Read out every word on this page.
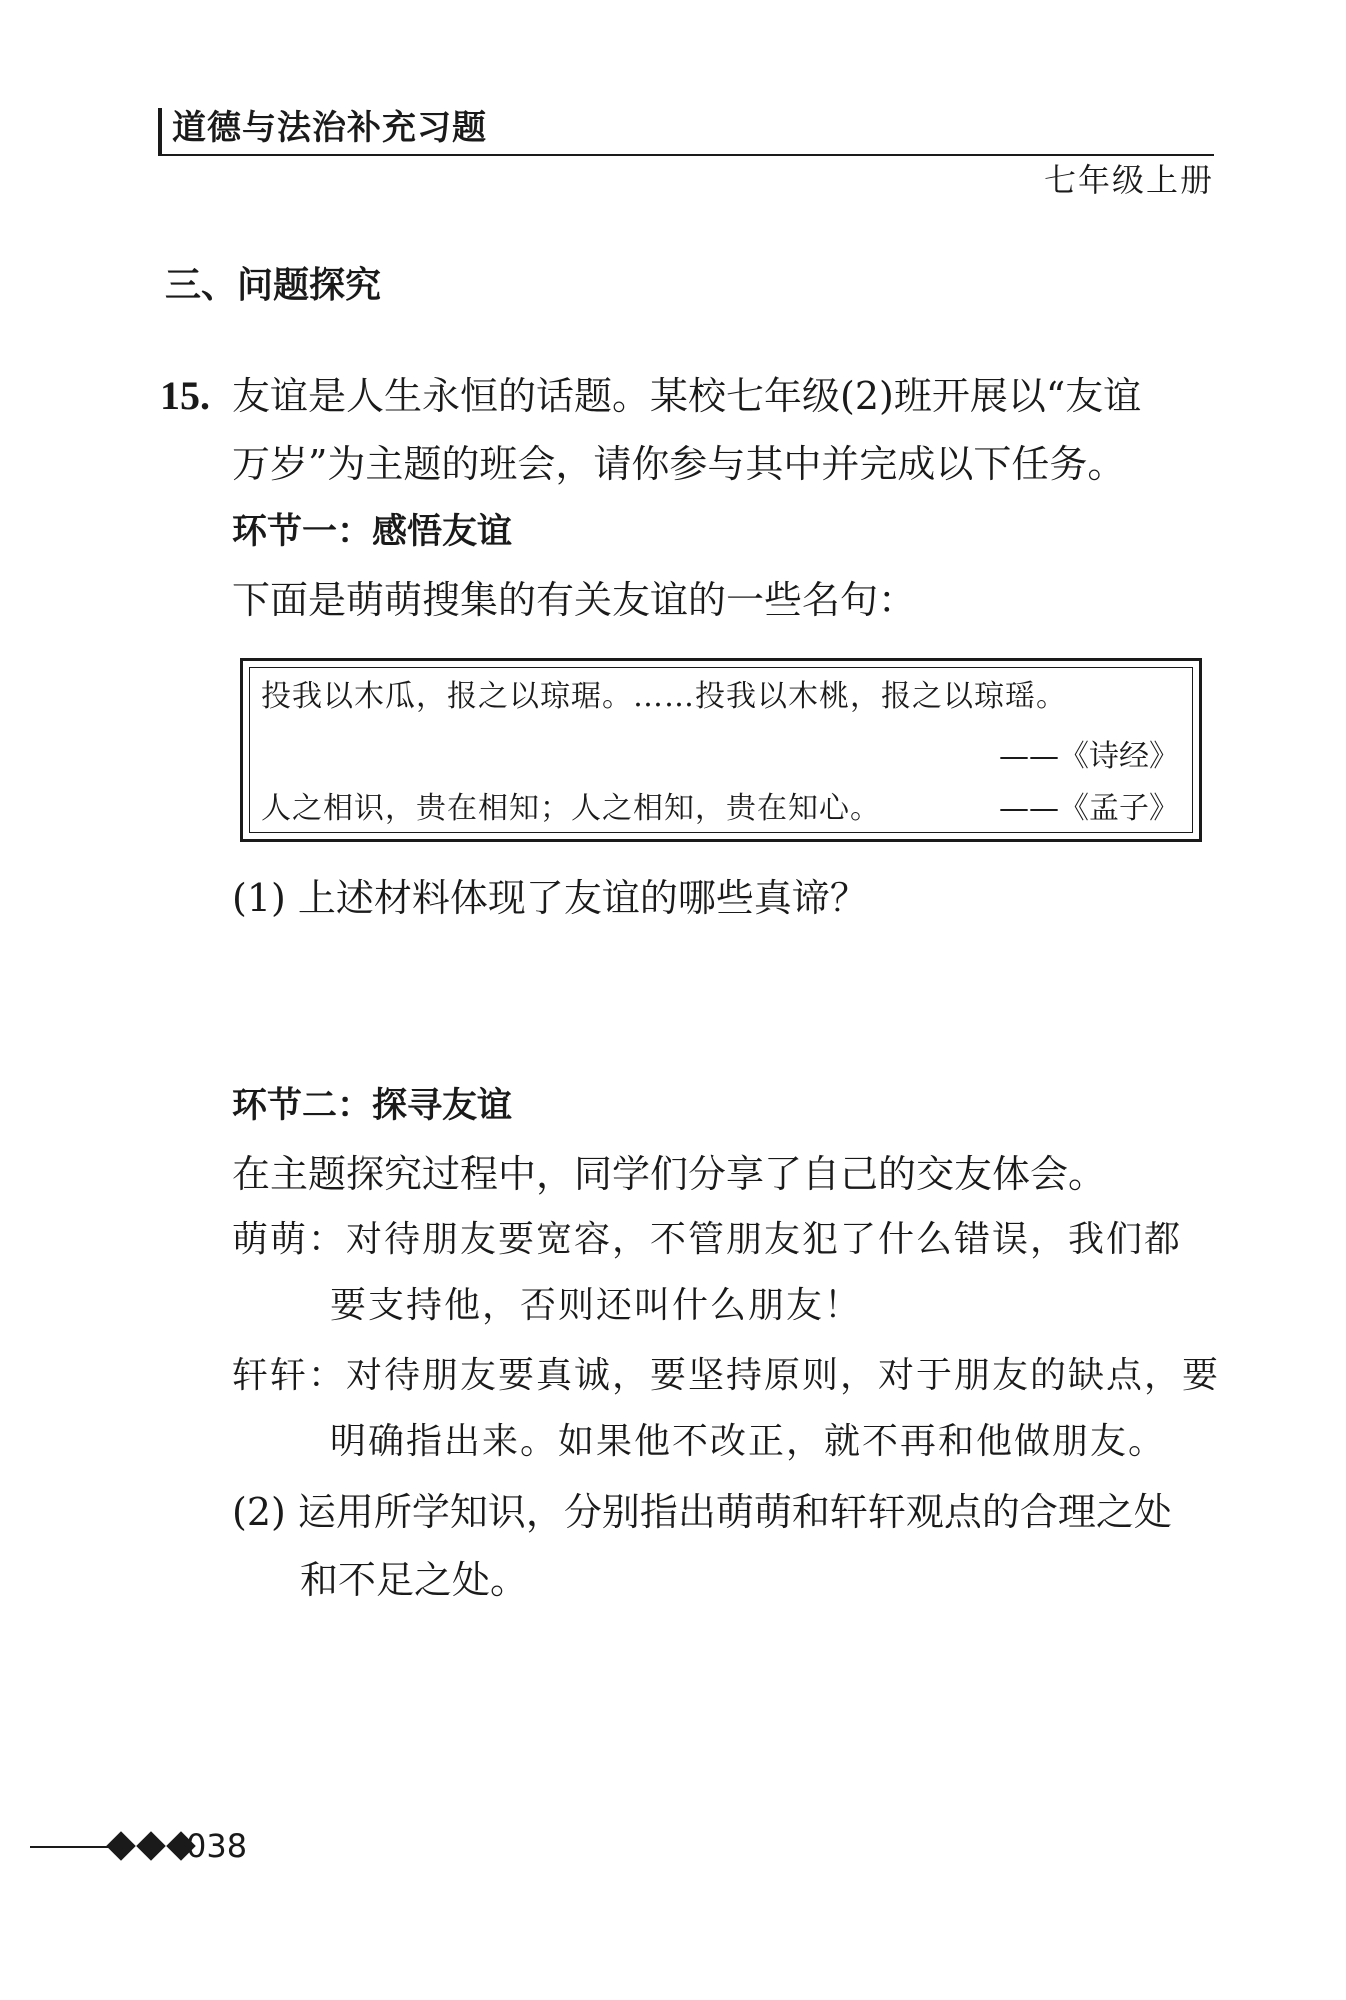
道德与法治补充习题
七年级上册
三、问题探究
15. 友谊是人生永恒的话题。某校七年级(2)班开展以“友谊
万岁”为主题的班会，请你参与其中并完成以下任务。
环节一：感悟友谊
下面是萌萌搜集的有关友谊的一些名句：
投我以木瓜，报之以琼琚。……投我以木桃，报之以琼瑶。
——《诗经》
人之相识，贵在相知；人之相知，贵在知心。	——《孟子》
(1) 上述材料体现了友谊的哪些真谛？
环节二：探寻友谊
在主题探究过程中，同学们分享了自己的交友体会。
萌萌：对待朋友要宽容，不管朋友犯了什么错误，我们都
要支持他，否则还叫什么朋友！
轩轩：对待朋友要真诚，要坚持原则，对于朋友的缺点，要
明确指出来。如果他不改正，就不再和他做朋友。
(2) 运用所学知识，分别指出萌萌和轩轩观点的合理之处
和不足之处。
038
